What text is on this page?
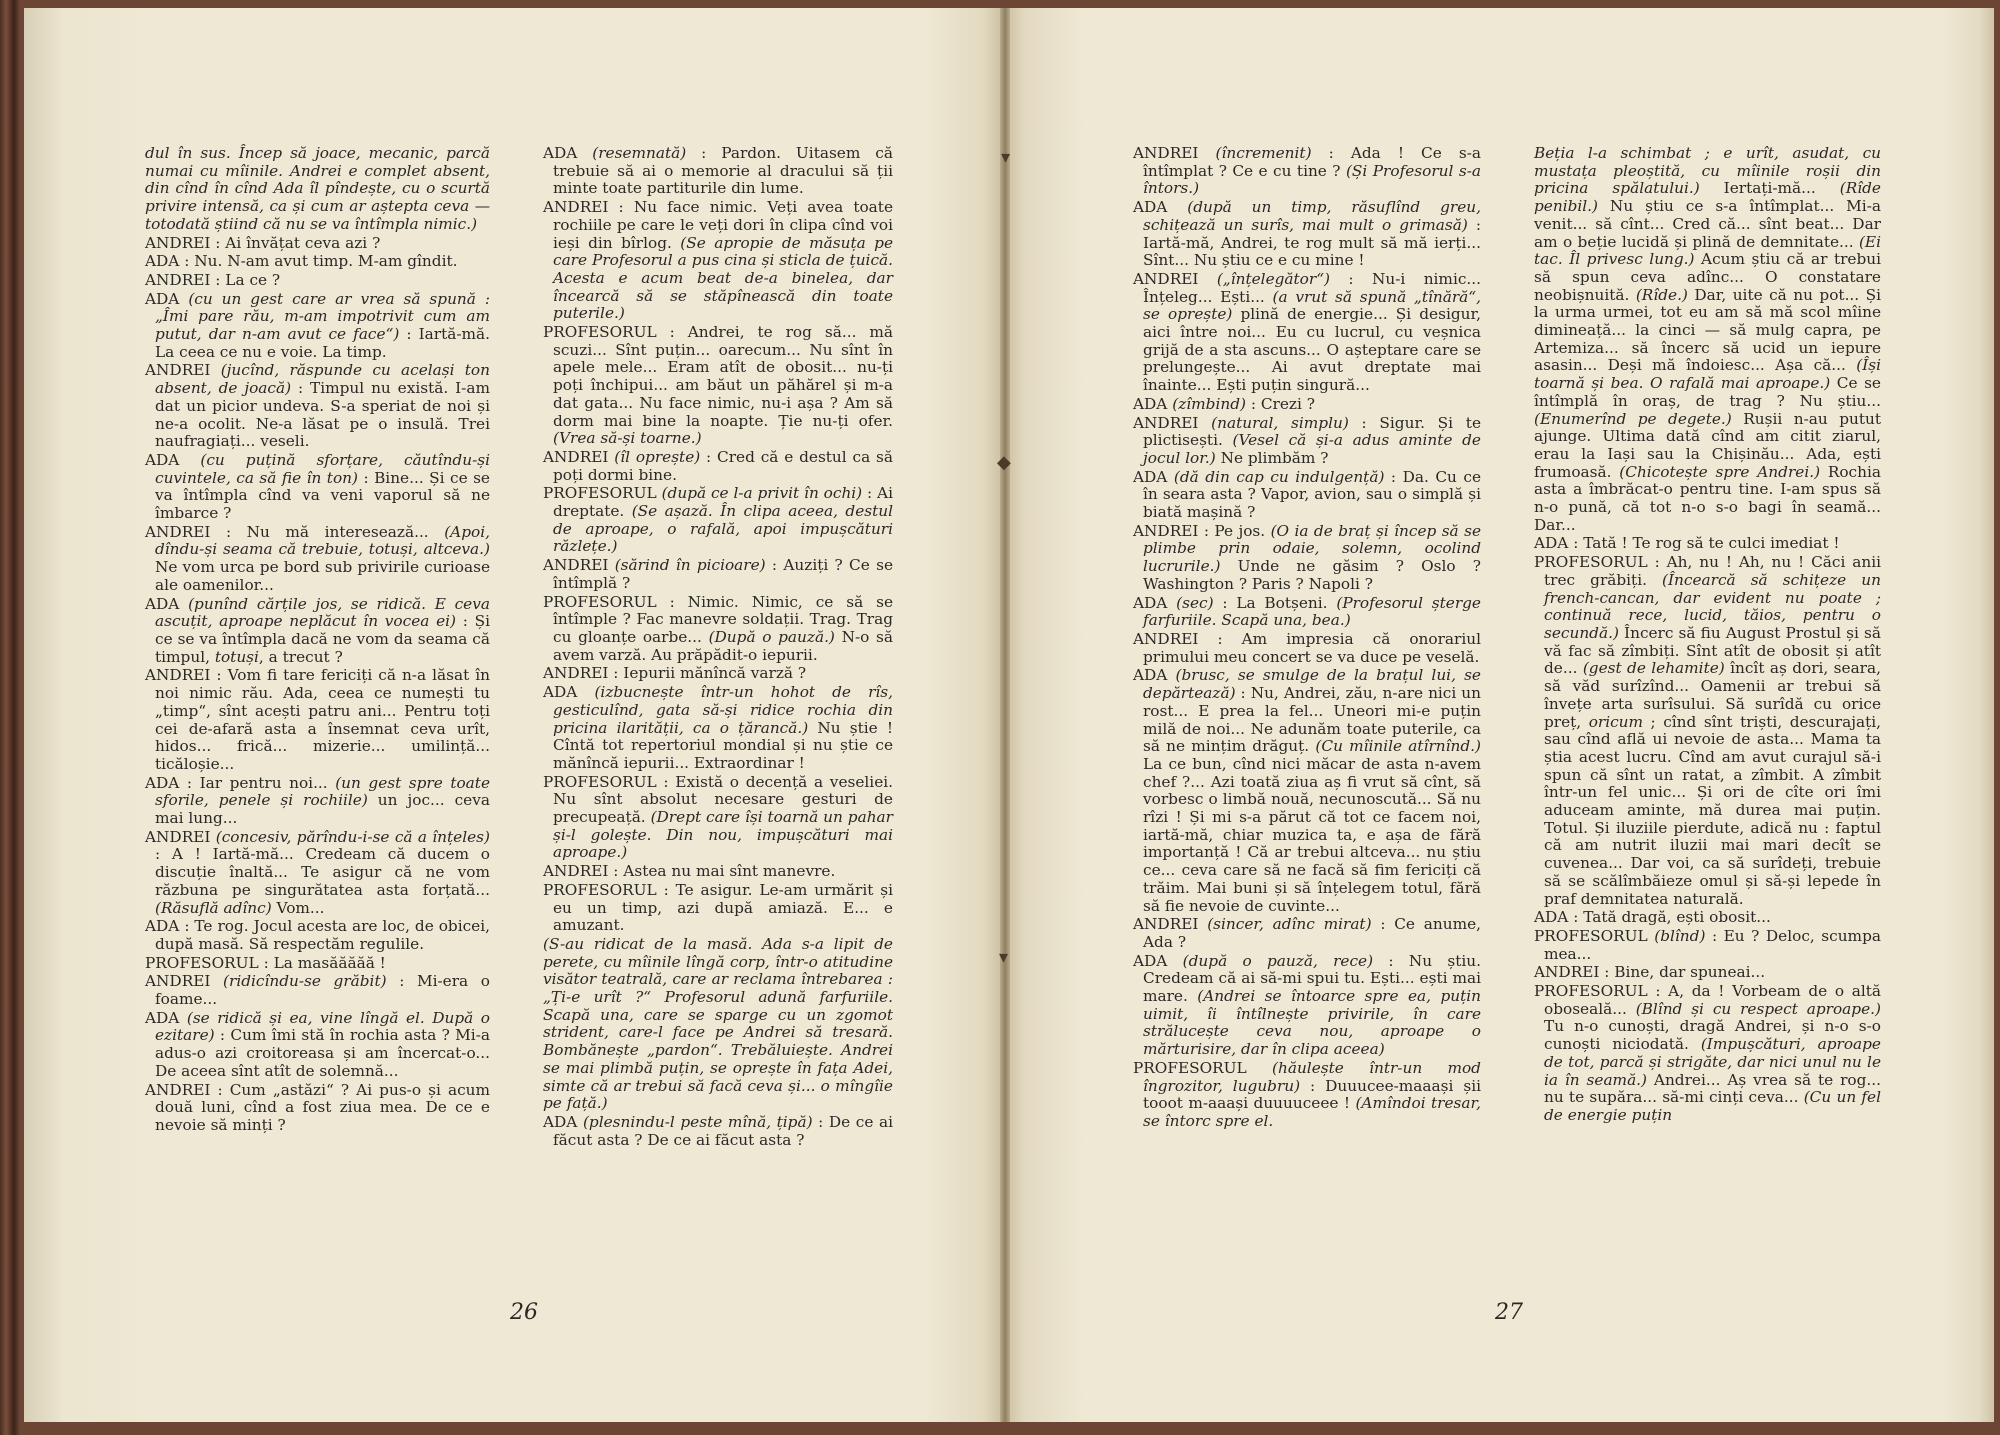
▾
◆
▾

dul în sus. Încep să joace, mecanic, parcă numai cu mîinile. Andrei e complet absent, din cînd în cînd Ada îl pîndește, cu o scurtă privire intensă, ca și cum ar aștepta ceva — totodată știind că nu se va întîmpla nimic.)

ANDREI : Ai învățat ceva azi ?

ADA : Nu. N-am avut timp. M-am gîndit.

ANDREI : La ce ?

ADA (cu un gest care ar vrea să spună : „Îmi pare rău, m-am impotrivit cum am putut, dar n-am avut ce face“) : Iartă-mă. La ceea ce nu e voie. La timp.

ANDREI (jucînd, răspunde cu același ton absent, de joacă) : Timpul nu există. I-am dat un picior undeva. S-a speriat de noi și ne-a ocolit. Ne-a lăsat pe o insulă. Trei naufragiați... veseli.

ADA (cu puțină sforțare, căutîndu-și cuvintele, ca să fie în ton) : Bine... Și ce se va întîmpla cînd va veni vaporul să ne îmbarce ?

ANDREI : Nu mă interesează... (Apoi, dîndu-și seama că trebuie, totuși, altceva.) Ne vom urca pe bord sub privirile curioase ale oamenilor...

ADA (punînd cărțile jos, se ridică. E ceva ascuțit, aproape neplăcut în vocea ei) : Și ce se va întîmpla dacă ne vom da seama că timpul, totuși, a trecut ?

ANDREI : Vom fi tare fericiți că n-a lăsat în noi nimic rău. Ada, ceea ce numești tu „timp“, sînt acești patru ani... Pentru toți cei de-afară asta a însemnat ceva urît, hidos... frică... mizerie... umilință... ticăloșie...

ADA : Iar pentru noi... (un gest spre toate sforile, penele și rochiile) un joc... ceva mai lung...

ANDREI (concesiv, părîndu-i-se că a înțeles) : A ! Iartă-mă... Credeam că ducem o discuție înaltă... Te asigur că ne vom răzbuna pe singurătatea asta forțată... (Răsuflă adînc) Vom...

ADA : Te rog. Jocul acesta are loc, de obicei, după masă. Să respectăm regulile.

PROFESORUL : La masăăăăă !

ANDREI (ridicîndu-se grăbit) : Mi-era o foame...

ADA (se ridică și ea, vine lîngă el. După o ezitare) : Cum îmi stă în rochia asta ? Mi-a adus-o azi croitoreasa și am încercat-o... De aceea sînt atît de solemnă...

ANDREI : Cum „astăzi“ ? Ai pus-o și acum două luni, cînd a fost ziua mea. De ce e nevoie să minți ?

ADA (resemnată) : Pardon. Uitasem că trebuie să ai o memorie al dracului să ții minte toate partiturile din lume.

ANDREI : Nu face nimic. Veți avea toate rochiile pe care le veți dori în clipa cînd voi ieși din bîrlog. (Se apropie de măsuța pe care Profesorul a pus cina și sticla de țuică. Acesta e acum beat de-a binelea, dar încearcă să se stăpînească din toate puterile.)

PROFESORUL : Andrei, te rog să... mă scuzi... Sînt puțin... oarecum... Nu sînt în apele mele... Eram atît de obosit... nu-ți poți închipui... am băut un păhărel și m-a dat gata... Nu face nimic, nu-i așa ? Am să dorm mai bine la noapte. Ție nu-ți ofer. (Vrea să-și toarne.)

ANDREI (îl oprește) : Cred că e destul ca să poți dormi bine.

PROFESORUL (după ce l-a privit în ochi) : Ai dreptate. (Se așază. În clipa aceea, destul de aproape, o rafală, apoi impușcături răzlețe.)

ANDREI (sărind în picioare) : Auziți ? Ce se întîmplă ?

PROFESORUL : Nimic. Nimic, ce să se întîmple ? Fac manevre soldații. Trag. Trag cu gloanțe oarbe... (După o pauză.) N-o să avem varză. Au prăpădit-o iepurii.

ANDREI : Iepurii mănîncă varză ?

ADA (izbucnește într-un hohot de rîs, gesticulînd, gata să-și ridice rochia din pricina ilarității, ca o țărancă.) Nu știe ! Cîntă tot repertoriul mondial și nu știe ce mănîncă iepurii... Extraordinar !

PROFESORUL : Există o decență a veseliei. Nu sînt absolut necesare gesturi de precupeață. (Drept care își toarnă un pahar și-l golește. Din nou, impușcături mai aproape.)

ANDREI : Astea nu mai sînt manevre.

PROFESORUL : Te asigur. Le-am urmărit și eu un timp, azi după amiază. E... e amuzant.

(S-au ridicat de la masă. Ada s-a lipit de perete, cu mîinile lîngă corp, într-o atitudine visător teatrală, care ar reclama întrebarea : „Ți-e urît ?“ Profesorul adună farfuriile. Scapă una, care se sparge cu un zgomot strident, care-l face pe Andrei să tresară. Bombănește „pardon“. Trebăluiește. Andrei se mai plimbă puțin, se oprește în fața Adei, simte că ar trebui să facă ceva și... o mîngîie pe față.)

ADA (plesnindu-l peste mînă, țipă) : De ce ai făcut asta ? De ce ai făcut asta ?

ANDREI (încremenit) : Ada ! Ce s-a întîmplat ? Ce e cu tine ? (Și Profesorul s-a întors.)

ADA (după un timp, răsuflînd greu, schițează un surîs, mai mult o grimasă) : Iartă-mă, Andrei, te rog mult să mă ierți... Sînt... Nu știu ce e cu mine !

ANDREI („înțelegător“) : Nu-i nimic... Înțeleg... Ești... (a vrut să spună „tînără“, se oprește) plină de energie... Și desigur, aici între noi... Eu cu lucrul, cu veșnica grijă de a sta ascuns... O așteptare care se prelungește... Ai avut dreptate mai înainte... Ești puțin singură...

ADA (zîmbind) : Crezi ?

ANDREI (natural, simplu) : Sigur. Și te plictisești. (Vesel că și-a adus aminte de jocul lor.) Ne plimbăm ?

ADA (dă din cap cu indulgență) : Da. Cu ce în seara asta ? Vapor, avion, sau o simplă și biată mașină ?

ANDREI : Pe jos. (O ia de braț și încep să se plimbe prin odaie, solemn, ocolind lucrurile.) Unde ne găsim ? Oslo ? Washington ? Paris ? Napoli ?

ADA (sec) : La Botșeni. (Profesorul șterge farfuriile. Scapă una, bea.)

ANDREI : Am impresia că onorariul primului meu concert se va duce pe veselă.

ADA (brusc, se smulge de la brațul lui, se depărtează) : Nu, Andrei, zău, n-are nici un rost... E prea la fel... Uneori mi-e puțin milă de noi... Ne adunăm toate puterile, ca să ne mințim drăguț. (Cu mîinile atîrnînd.) La ce bun, cînd nici măcar de asta n-avem chef ?... Azi toată ziua aș fi vrut să cînt, să vorbesc o limbă nouă, necunoscută... Să nu rîzi ! Și mi s-a părut că tot ce facem noi, iartă-mă, chiar muzica ta, e așa de fără importanță ! Că ar trebui altceva... nu știu ce... ceva care să ne facă să fim fericiți că trăim. Mai buni și să înțelegem totul, fără să fie nevoie de cuvinte...

ANDREI (sincer, adînc mirat) : Ce anume, Ada ?

ADA (după o pauză, rece) : Nu știu. Credeam că ai să-mi spui tu. Ești... ești mai mare. (Andrei se întoarce spre ea, puțin uimit, îi întîlnește privirile, în care strălucește ceva nou, aproape o mărturisire, dar în clipa aceea)

PROFESORUL (hăulește într-un mod îngrozitor, lugubru) : Duuucee-maaași șii tooot m-aaași duuuuceee ! (Amîndoi tresar, se întorc spre el.

Beția l-a schimbat ; e urît, asudat, cu mustața pleoștită, cu mîinile roșii din pricina spălatului.) Iertați-mă... (Rîde penibil.) Nu știu ce s-a întîmplat... Mi-a venit... să cînt... Cred că... sînt beat... Dar am o beție lucidă și plină de demnitate... (Ei tac. Îl privesc lung.) Acum știu că ar trebui să spun ceva adînc... O constatare neobișnuită. (Rîde.) Dar, uite că nu pot... Și la urma urmei, tot eu am să mă scol mîine dimineață... la cinci — să mulg capra, pe Artemiza... să încerc să ucid un iepure asasin... Deși mă îndoiesc... Așa că... (Își toarnă și bea. O rafală mai aproape.) Ce se întîmplă în oraș, de trag ? Nu știu... (Enumerînd pe degete.) Rușii n-au putut ajunge. Ultima dată cînd am citit ziarul, erau la Iași sau la Chișinău... Ada, ești frumoasă. (Chicotește spre Andrei.) Rochia asta a îmbrăcat-o pentru tine. I-am spus să n-o pună, că tot n-o s-o bagi în seamă... Dar...

ADA : Tată ! Te rog să te culci imediat !

PROFESORUL : Ah, nu ! Ah, nu ! Căci anii trec grăbiți. (Încearcă să schițeze un french-cancan, dar evident nu poate ; continuă rece, lucid, tăios, pentru o secundă.) Încerc să fiu August Prostul și să vă fac să zîmbiți. Sînt atît de obosit și atît de... (gest de lehamite) încît aș dori, seara, să văd surîzînd... Oamenii ar trebui să învețe arta surîsului. Să surîdă cu orice preț, oricum ; cînd sînt triști, descurajați, sau cînd află ui nevoie de asta... Mama ta știa acest lucru. Cînd am avut curajul să-i spun că sînt un ratat, a zîmbit. A zîmbit într-un fel unic... Și ori de cîte ori îmi aduceam aminte, mă durea mai puțin. Totul. Și iluziile pierdute, adică nu : faptul că am nutrit iluzii mai mari decît se cuvenea... Dar voi, ca să surîdeți, trebuie să se scălîmbăieze omul și să-și lepede în praf demnitatea naturală.

ADA : Tată dragă, ești obosit...

PROFESORUL (blînd) : Eu ? Deloc, scumpa mea...

ANDREI : Bine, dar spuneai...

PROFESORUL : A, da ! Vorbeam de o altă oboseală... (Blînd și cu respect aproape.) Tu n-o cunoști, dragă Andrei, și n-o s-o cunoști niciodată. (Impușcături, aproape de tot, parcă și strigăte, dar nici unul nu le ia în seamă.) Andrei... Aș vrea să te rog... nu te supăra... să-mi cinți ceva... (Cu un fel de energie puțin

26	27
